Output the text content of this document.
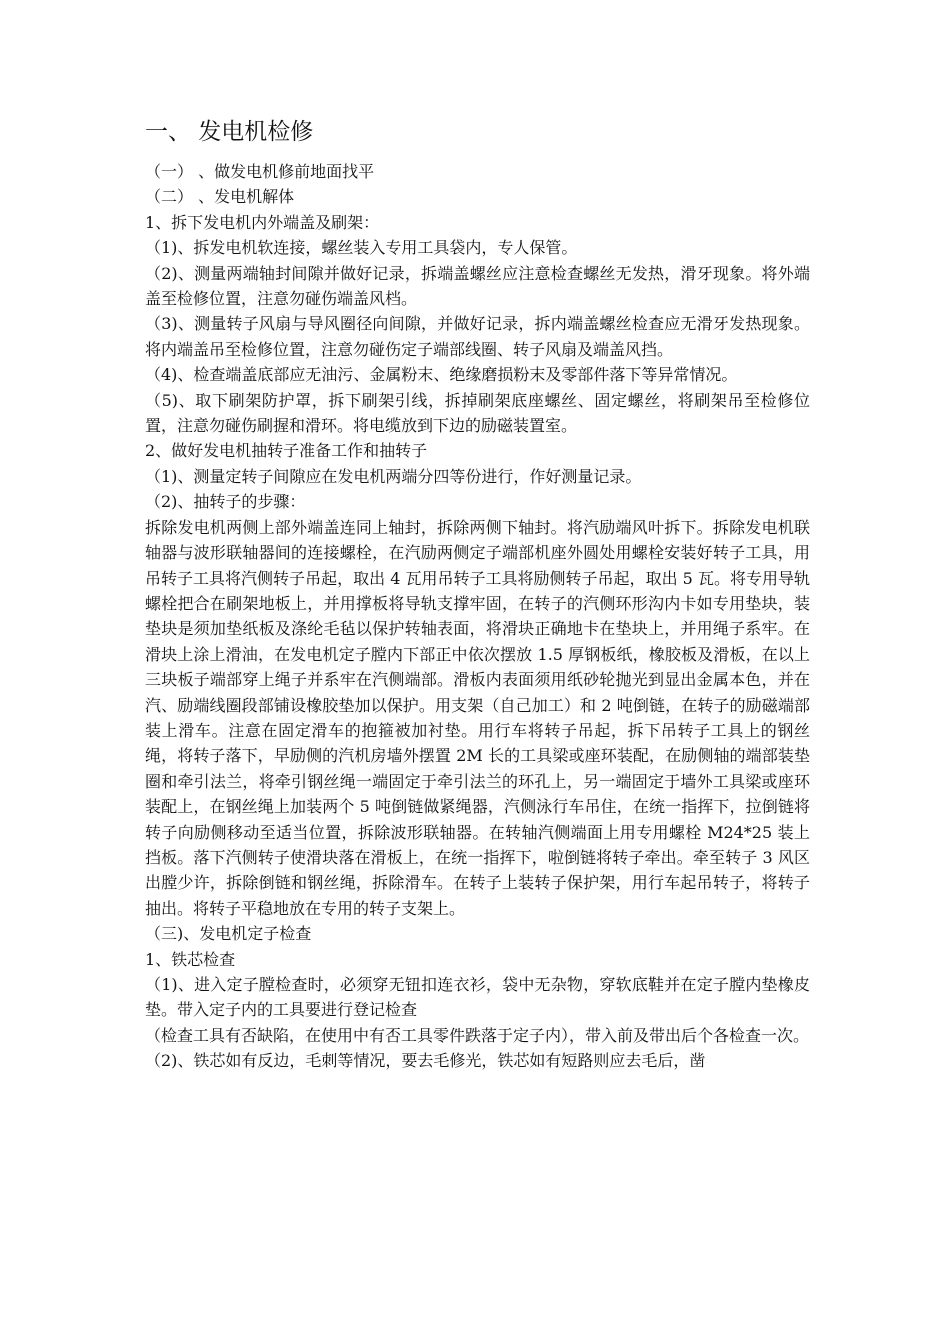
一、 发电机检修

（一） 、做发电机修前地面找平

（二） 、发电机解体

1、拆下发电机内外端盖及刷架：

（1)、拆发电机软连接，螺丝装入专用工具袋内，专人保管。

（2)、测量两端轴封间隙并做好记录，拆端盖螺丝应注意检查螺丝无发热，滑牙现象。将外端盖至检修位置，注意勿碰伤端盖风档。

（3)、测量转子风扇与导风圈径向间隙，并做好记录，拆内端盖螺丝检查应无滑牙发热现象。将内端盖吊至检修位置，注意勿碰伤定子端部线圈、转子风扇及端盖风挡。

（4)、检查端盖底部应无油污、金属粉末、绝缘磨损粉末及零部件落下等异常情况。

（5)、取下刷架防护罩，拆下刷架引线，拆掉刷架底座螺丝、固定螺丝，将刷架吊至检修位置，注意勿碰伤刷握和滑环。将电缆放到下边的励磁装置室。

2、做好发电机抽转子准备工作和抽转子

（1)、测量定转子间隙应在发电机两端分四等份进行，作好测量记录。

（2)、抽转子的步骤：

拆除发电机两侧上部外端盖连同上轴封，拆除两侧下轴封。将汽励端风叶拆下。拆除发电机联轴器与波形联轴器间的连接螺栓，在汽励两侧定子端部机座外圆处用螺栓安装好转子工具，用吊转子工具将汽侧转子吊起，取出 4 瓦用吊转子工具将励侧转子吊起，取出 5 瓦。将专用导轨螺栓把合在刷架地板上，并用撑板将导轨支撑牢固，在转子的汽侧环形沟内卡如专用垫块，装垫块是须加垫纸板及涤纶毛毡以保护转轴表面，将滑块正确地卡在垫块上，并用绳子系牢。在滑块上涂上滑油，在发电机定子膛内下部正中依次摆放 1.5 厚钢板纸，橡胶板及滑板，在以上三块板子端部穿上绳子并系牢在汽侧端部。滑板内表面须用纸砂轮抛光到显出金属本色，并在汽、励端线圈段部铺设橡胶垫加以保护。用支架（自己加工）和 2 吨倒链，在转子的励磁端部装上滑车。注意在固定滑车的抱箍被加衬垫。用行车将转子吊起，拆下吊转子工具上的钢丝绳，将转子落下，早励侧的汽机房墙外摆置 2M 长的工具梁或座环装配，在励侧轴的端部装垫圈和牵引法兰，将牵引钢丝绳一端固定于牵引法兰的环孔上，另一端固定于墙外工具梁或座环装配上，在钢丝绳上加装两个 5 吨倒链做紧绳器，汽侧泳行车吊住，在统一指挥下，拉倒链将转子向励侧移动至适当位置，拆除波形联轴器。在转轴汽侧端面上用专用螺栓 M24*25 装上挡板。落下汽侧转子使滑块落在滑板上，在统一指挥下，啦倒链将转子牵出。牵至转子 3 风区出膛少许，拆除倒链和钢丝绳，拆除滑车。在转子上装转子保护架，用行车起吊转子，将转子抽出。将转子平稳地放在专用的转子支架上。

（三)、发电机定子检查

1、铁芯检查

（1)、进入定子膛检查时，必须穿无钮扣连衣衫，袋中无杂物，穿软底鞋并在定子膛内垫橡皮垫。带入定子内的工具要进行登记检查

（检查工具有否缺陷，在使用中有否工具零件跌落于定子内），带入前及带出后个各检查一次。

（2)、铁芯如有反边，毛刺等情况，要去毛修光，铁芯如有短路则应去毛后，凿
